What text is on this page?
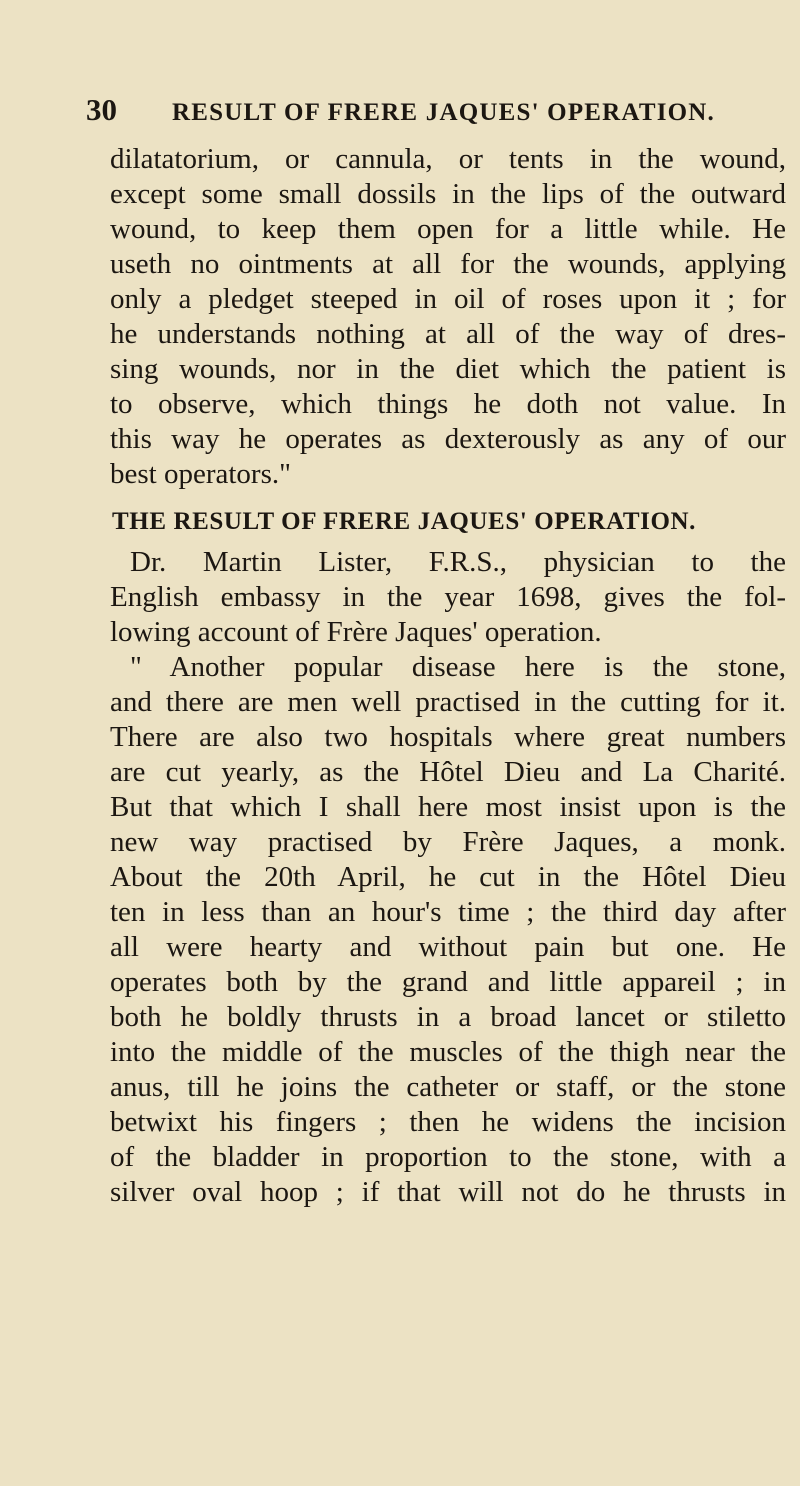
30	RESULT OF FRERE JAQUES' OPERATION.
dilatatorium, or cannula, or tents in the wound,
except some small dossils in the lips of the outward
wound, to keep them open for a little while. He
useth no ointments at all for the wounds, applying
only a pledget steeped in oil of roses upon it ; for
he understands nothing at all of the way of dres-
sing wounds, nor in the diet which the patient is
to observe, which things he doth not value. In
this way he operates as dexterously as any of our
best operators."
THE RESULT OF FRERE JAQUES' OPERATION.
Dr. Martin Lister, F.R.S., physician to the
English embassy in the year 1698, gives the fol-
lowing account of Frère Jaques' operation.
" Another popular disease here is the stone,
and there are men well practised in the cutting for it.
There are also two hospitals where great numbers
are cut yearly, as the Hôtel Dieu and La Charité.
But that which I shall here most insist upon is the
new way practised by Frère Jaques, a monk.
About the 20th April, he cut in the Hôtel Dieu
ten in less than an hour's time ; the third day after
all were hearty and without pain but one. He
operates both by the grand and little appareil ; in
both he boldly thrusts in a broad lancet or stiletto
into the middle of the muscles of the thigh near the
anus, till he joins the catheter or staff, or the stone
betwixt his fingers ; then he widens the incision
of the bladder in proportion to the stone, with a
silver oval hoop ; if that will not do he thrusts in
